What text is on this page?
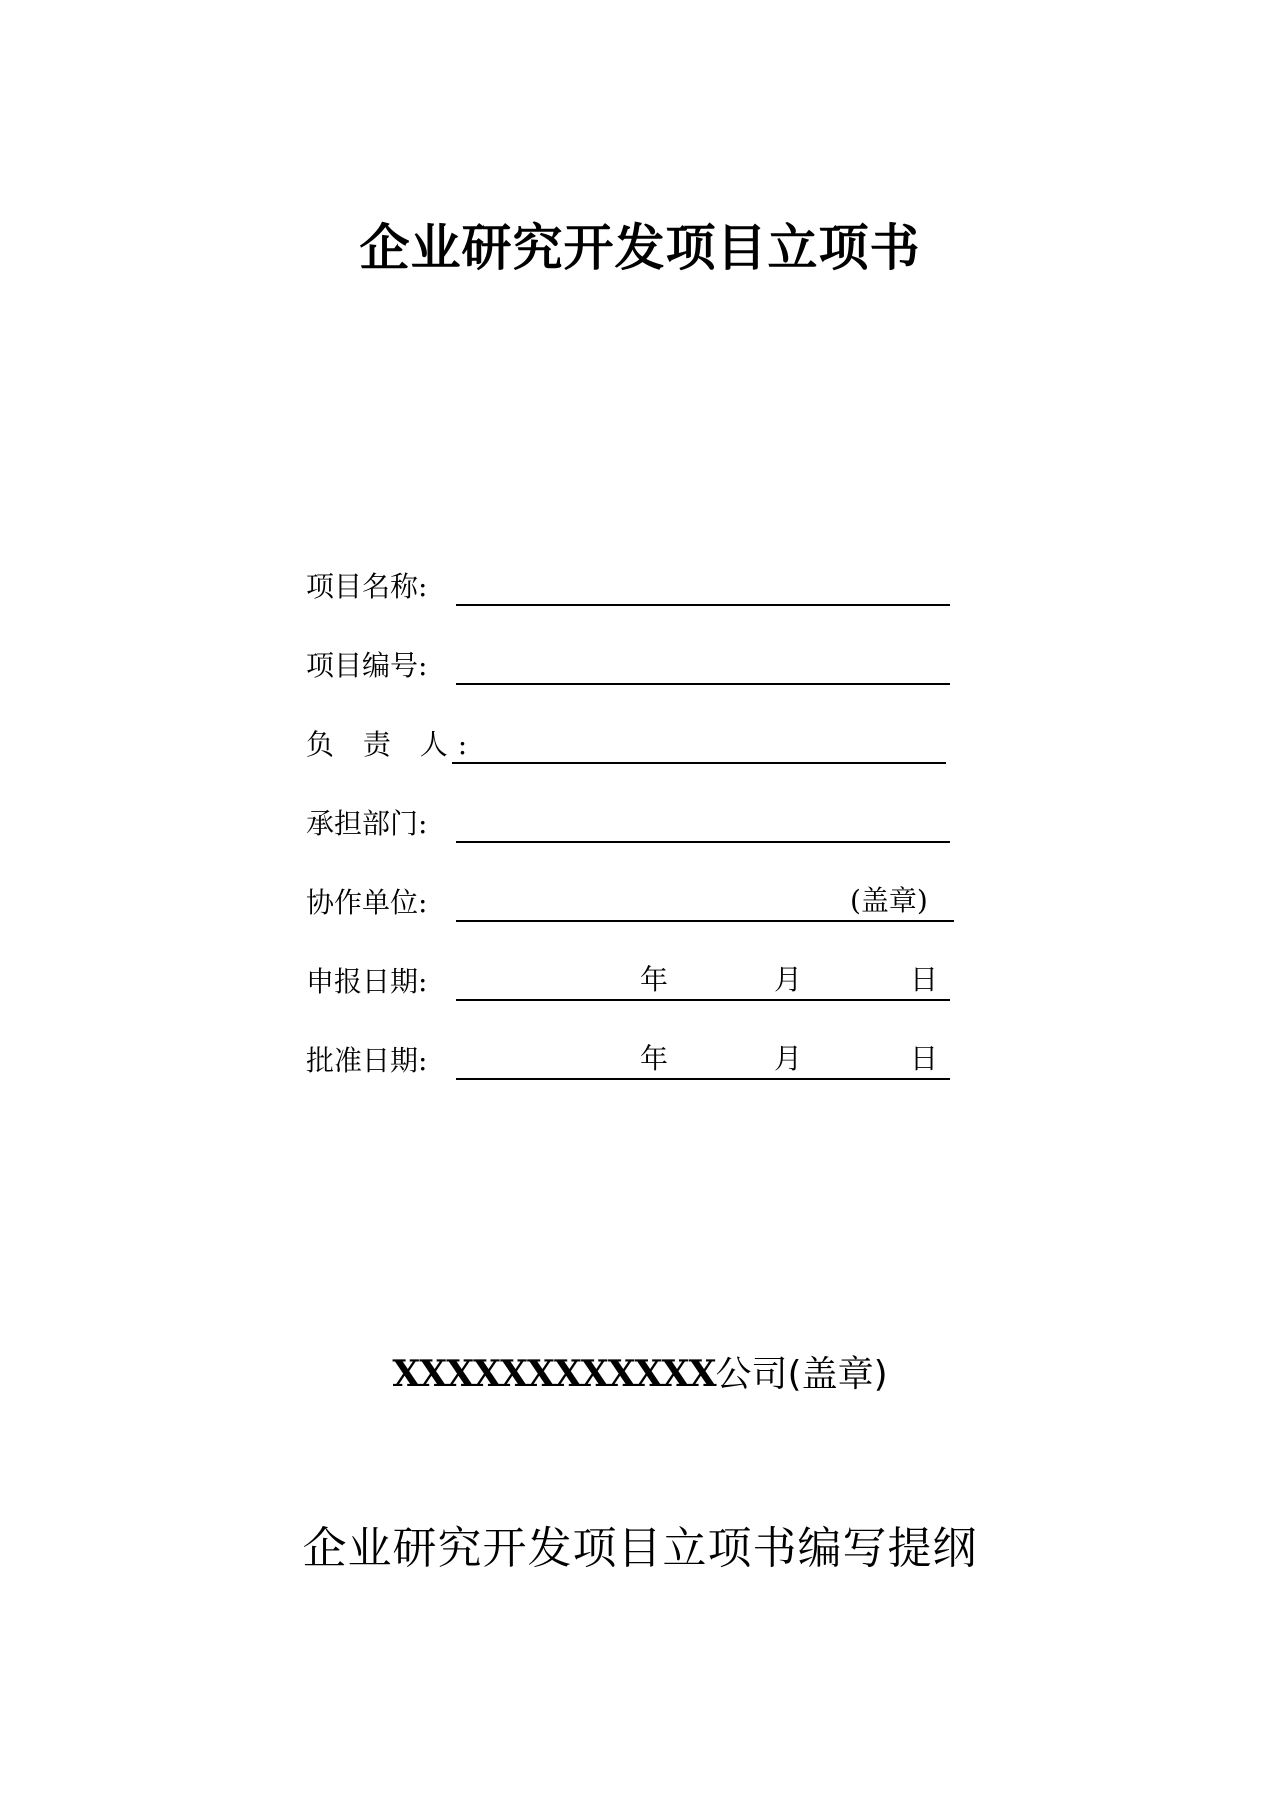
企业研究开发项目立项书
项目名称:
项目编号:
负 责 人:
承担部门:
协作单位:	(盖章)
申报日期:	年	月	日
批准日期:	年	月	日
XXXXXXXXXXXX公司(盖章)
企业研究开发项目立项书编写提纲
